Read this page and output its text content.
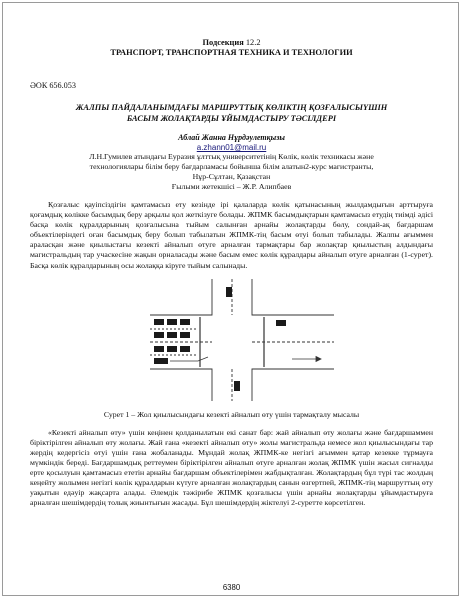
Подсекция 12.2
ТРАНСПОРТ, ТРАНСПОРТНАЯ ТЕХНИКА И ТЕХНОЛОГИИ
ӘОК 656.053
ЖАЛПЫ ПАЙДАЛАНЫМДАҒЫ МАРШРУТТЫҚ КӨЛІКТІҢ ҚОЗҒАЛЫСЫҮШІН
БАСЫМ ЖОЛАҚТАРДЫ ҰЙЫМДАСТЫРУ ТӘСІЛДЕРІ
Аблай Жанна Нұрдәулетқызы
a.zhann01@mail.ru
Л.Н.Гумилев атындағы Еуразия ұлттық университетінің Көлік, көлік техникасы және
технологиялары білім беру бағдарламасы бойынша білім алатын2-курс магистранты,
Нұр-Сұлтан, Қазақстан
Ғылыми жетекшісі – Ж.Р. Алипбаев

Қозғалыс қауіпсіздігін қамтамасыз ету кезінде ірі қалаларда көлік қатынасының жылдамдығын арттыруға қоғамдық көлікке басымдық беру арқылы қол жеткізуге болады. ЖПМК басымдықтарын қамтамасыз етудің тиімді әдісі басқа көлік құралдарының қозғалысына тыйым салынған арнайы жолақтарды бөлу, сондай-ақ бағдаршам объектілеріндегі оған басымдық беру болып табылатын ЖПМК-тің басым өтуі болып табылады. Жалпы ағыммен араласқан және қиылыстағы кезекті айналып өтуге арналған тармақтары бар жолақтар қиылыстың алдындағы магистральдың тар учаскесіне жақын орналасады және басым емес көлік құралдары айналып өтуге арналған (1-сурет). Басқа көлік құралдарының осы жолаққа кіруге тыйым салынады.

Сурет 1 – Жол қиылысындағы кезекті айналып өту үшін тармақталу мысалы

«Кезекті айналып өту» үшін кеңінен қолданылатын екі санат бар: жай айналып өту жолағы және бағдаршаммен біріктірілген айналып өту жолағы. Жай ғана «кезекті айналып өту» жолы магистральда немесе жол қиылысындағы тар жердің кедергісіз өтуі үшін ғана жобаланады. Мұндай жолақ ЖПМК-ке негізгі ағыммен қатар кезекке тұрмауға мүмкіндік береді. Бағдаршамдық реттеумен біріктірілген айналып өтуге арналған жолақ ЖПМК үшін жасыл сигналды ерте қосылуын қамтамасыз ететін арнайы бағдаршам объектілерімен жабдықталған. Жолақтардың бұл түрі тас жолдың кеңейту жолымен негізгі көлік құралдарын күтуге арналған жолақтардың санын өзгертпей, ЖПМК-тің маршруттың өту уақытын едәуір жақсарта алады. Әлемдік тәжірибе ЖПМК қозғалысы үшін арнайы жолақтарды ұйымдастыруға арналған шешімдердің толық жиынтығын жасады. Бұл шешімдердің жіктелуі 2-суретте көрсетілген.

6380
